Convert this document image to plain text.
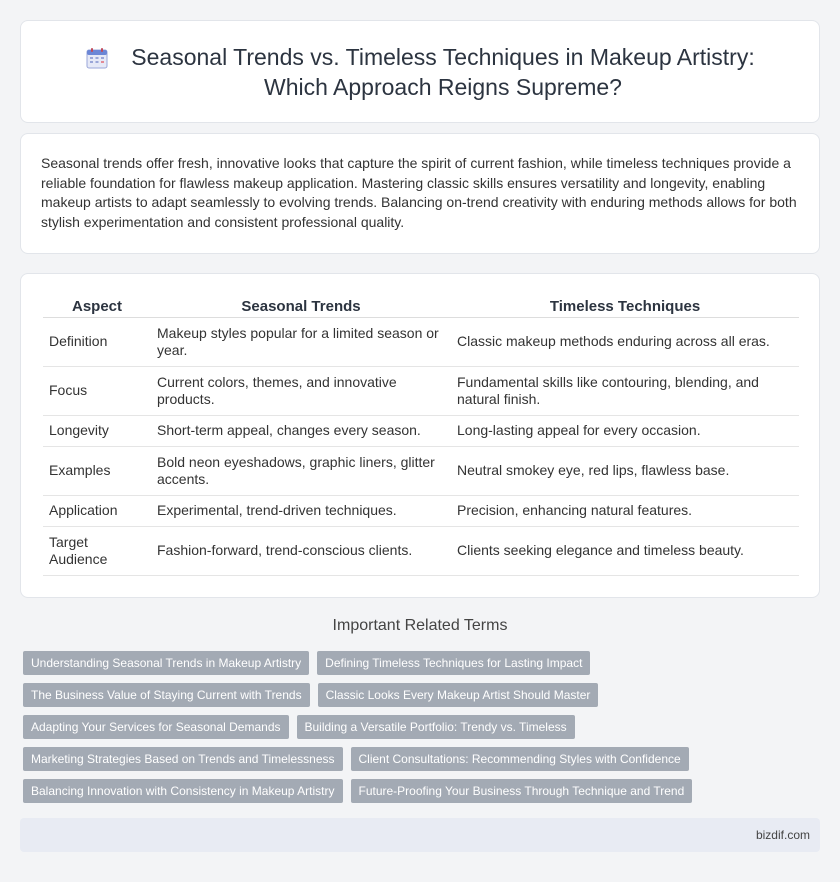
Seasonal Trends vs. Timeless Techniques in Makeup Artistry:
Which Approach Reigns Supreme?

Seasonal trends offer fresh, innovative looks that capture the spirit of current fashion, while timeless techniques provide a reliable foundation for flawless makeup application. Mastering classic skills ensures versatility and longevity, enabling makeup artists to adapt seamlessly to evolving trends. Balancing on-trend creativity with enduring methods allows for both stylish experimentation and consistent professional quality.

Aspect	Seasonal Trends	Timeless Techniques
Definition	Makeup styles popular for a limited season or year.	Classic makeup methods enduring across all eras.
Focus	Current colors, themes, and innovative products.	Fundamental skills like contouring, blending, and natural finish.
Longevity	Short-term appeal, changes every season.	Long-lasting appeal for every occasion.
Examples	Bold neon eyeshadows, graphic liners, glitter accents.	Neutral smokey eye, red lips, flawless base.
Application	Experimental, trend-driven techniques.	Precision, enhancing natural features.
Target Audience	Fashion-forward, trend-conscious clients.	Clients seeking elegance and timeless beauty.
Important Related Terms
Understanding Seasonal Trends in Makeup Artistry	Defining Timeless Techniques for Lasting Impact
The Business Value of Staying Current with Trends	Classic Looks Every Makeup Artist Should Master
Adapting Your Services for Seasonal Demands	Building a Versatile Portfolio: Trendy vs. Timeless
Marketing Strategies Based on Trends and Timelessness	Client Consultations: Recommending Styles with Confidence
Balancing Innovation with Consistency in Makeup Artistry	Future-Proofing Your Business Through Technique and Trend
bizdif.com
